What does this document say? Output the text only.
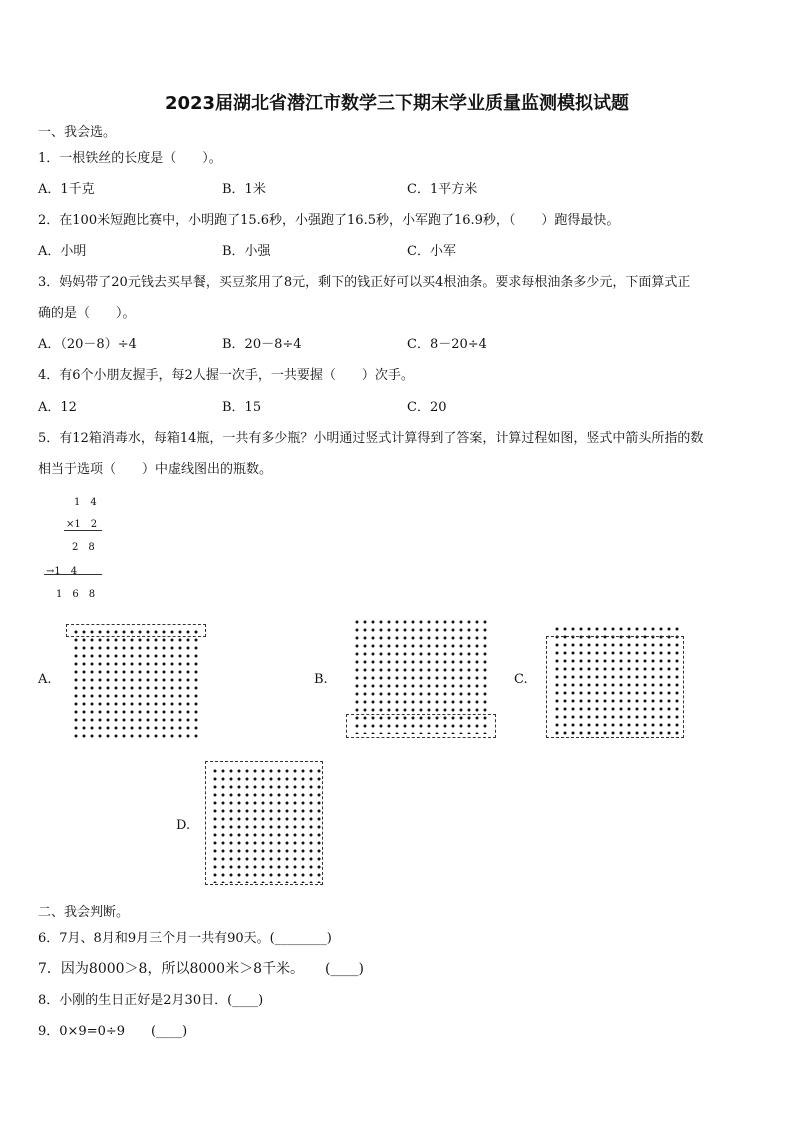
2023届湖北省潜江市数学三下期末学业质量监测模拟试题
一、我会选。
1．一根铁丝的长度是（　　）。
A．1千克	B．1米	C．1平方米
2．在100米短跑比赛中，小明跑了15.6秒，小强跑了16.5秒，小军跑了16.9秒，（　　）跑得最快。
A．小明	B．小强	C．小军
3．妈妈带了20元钱去买早餐，买豆浆用了8元，剩下的钱正好可以买4根油条。要求每根油条多少元，下面算式正
确的是（　　）。
A．（20－8）÷4	B．20－8÷4	C．8－20÷4
4．有6个小朋友握手，每2人握一次手，一共要握（　　）次手。
A．12	B．15	C．20
5．有12箱消毒水，每箱14瓶，一共有多少瓶？小明通过竖式计算得到了答案，计算过程如图，竖式中箭头所指的数
相当于选项（　　）中虚线图出的瓶数。
1　4
×1　2
2　8
→1　4
1　6　8
A.	B.	C.
D.
二、我会判断。
6．7月、8月和9月三个月一共有90天。(________)
7．因为8000＞8，所以8000米＞8千米。　　(____)
8．小刚的生日正好是2月30日．(____)
9．0×9=0÷9　　(____)
